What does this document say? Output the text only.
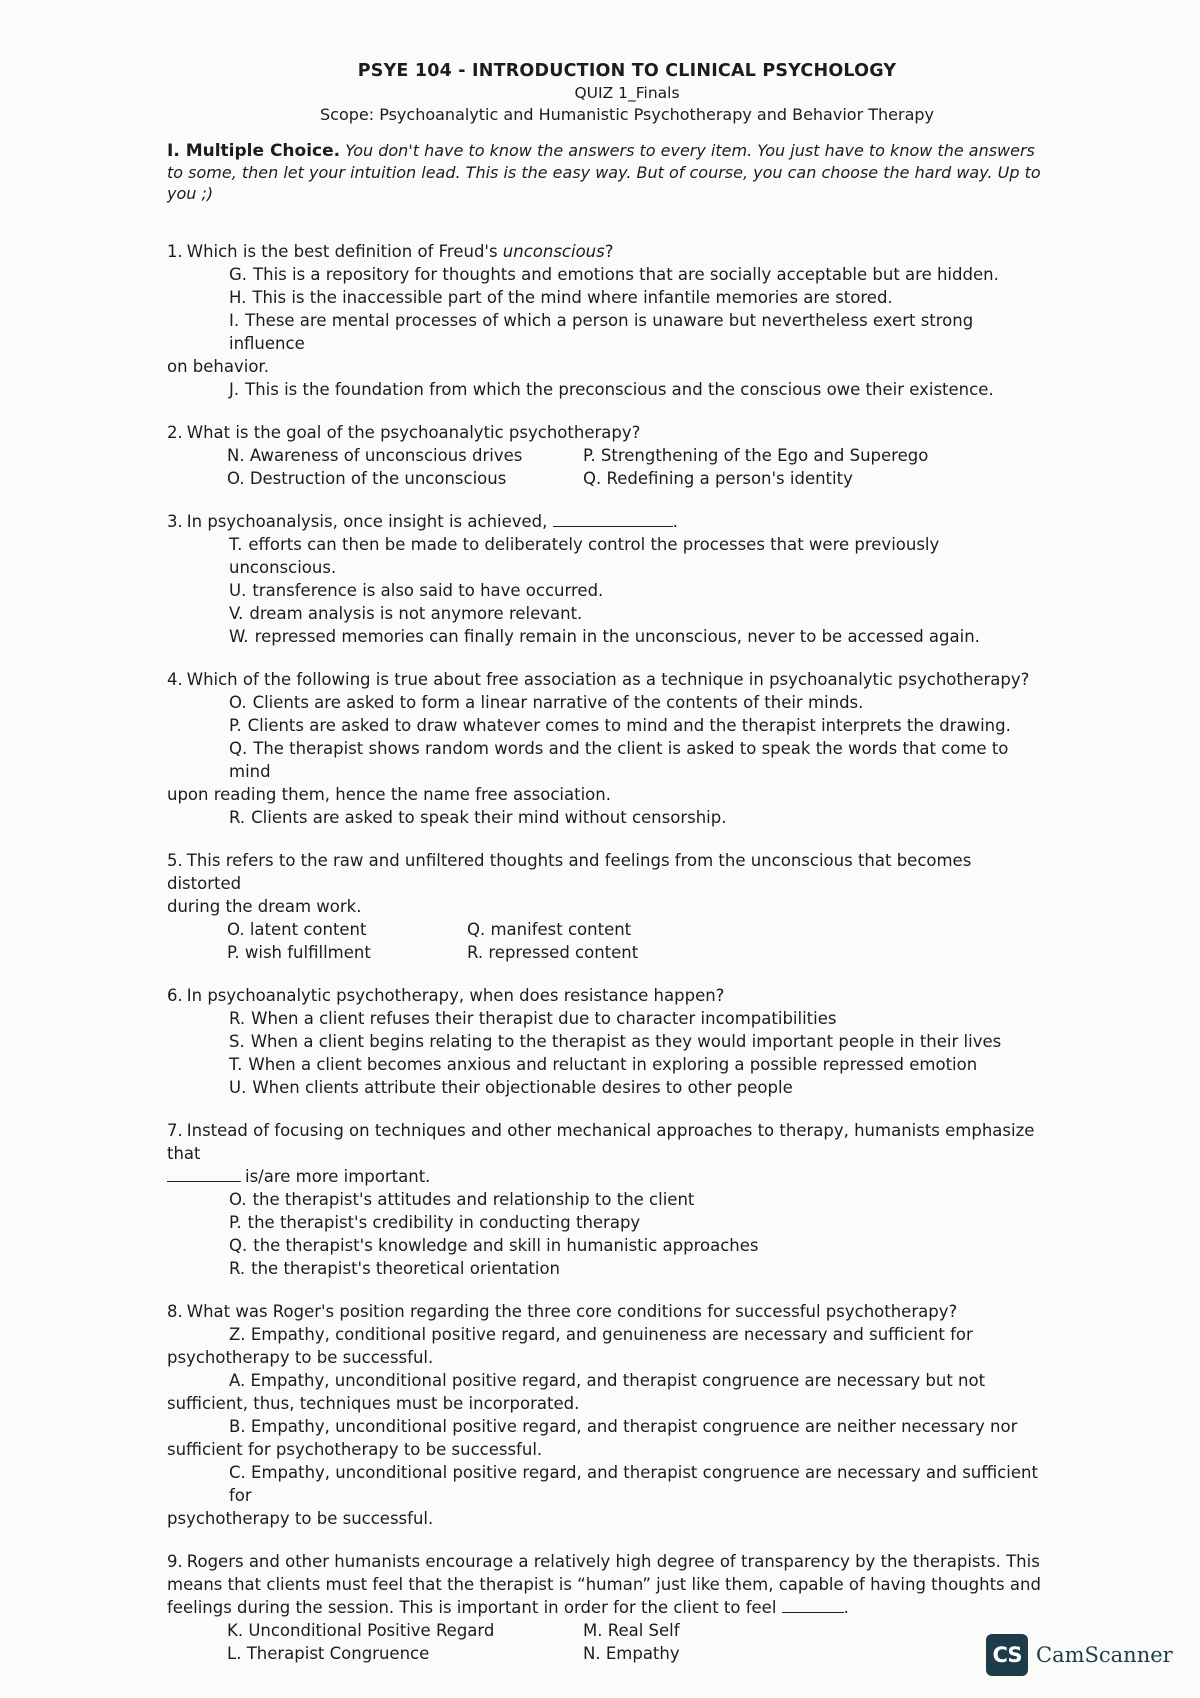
PSYE 104 - INTRODUCTION TO CLINICAL PSYCHOLOGY
QUIZ 1_Finals
Scope: Psychoanalytic and Humanistic Psychotherapy and Behavior Therapy
I. Multiple Choice. You don't have to know the answers to every item. You just have to know the answers to some, then let your intuition lead. This is the easy way. But of course, you can choose the hard way. Up to you ;)
1. Which is the best definition of Freud's unconscious?
G. This is a repository for thoughts and emotions that are socially acceptable but are hidden.
H. This is the inaccessible part of the mind where infantile memories are stored.
I. These are mental processes of which a person is unaware but nevertheless exert strong influence
on behavior.
J. This is the foundation from which the preconscious and the conscious owe their existence.
2. What is the goal of the psychoanalytic psychotherapy?
N. Awareness of unconscious drives	P. Strengthening of the Ego and Superego
O. Destruction of the unconscious	Q. Redefining a person's identity
3. In psychoanalysis, once insight is achieved,	.
T. efforts can then be made to deliberately control the processes that were previously unconscious.
U. transference is also said to have occurred.
V. dream analysis is not anymore relevant.
W. repressed memories can finally remain in the unconscious, never to be accessed again.
4. Which of the following is true about free association as a technique in psychoanalytic psychotherapy?
O. Clients are asked to form a linear narrative of the contents of their minds.
P. Clients are asked to draw whatever comes to mind and the therapist interprets the drawing.
Q. The therapist shows random words and the client is asked to speak the words that come to mind
upon reading them, hence the name free association.
R. Clients are asked to speak their mind without censorship.
5. This refers to the raw and unfiltered thoughts and feelings from the unconscious that becomes distorted
during the dream work.
O. latent content	Q. manifest content
P. wish fulfillment	R. repressed content
6. In psychoanalytic psychotherapy, when does resistance happen?
R. When a client refuses their therapist due to character incompatibilities
S. When a client begins relating to the therapist as they would important people in their lives
T. When a client becomes anxious and reluctant in exploring a possible repressed emotion
U. When clients attribute their objectionable desires to other people
7. Instead of focusing on techniques and other mechanical approaches to therapy, humanists emphasize that
is/are more important.
O. the therapist's attitudes and relationship to the client
P. the therapist's credibility in conducting therapy
Q. the therapist's knowledge and skill in humanistic approaches
R. the therapist's theoretical orientation
8. What was Roger's position regarding the three core conditions for successful psychotherapy?
Z. Empathy, conditional positive regard, and genuineness are necessary and sufficient for
psychotherapy to be successful.
A. Empathy, unconditional positive regard, and therapist congruence are necessary but not
sufficient, thus, techniques must be incorporated.
B. Empathy, unconditional positive regard, and therapist congruence are neither necessary nor
sufficient for psychotherapy to be successful.
C. Empathy, unconditional positive regard, and therapist congruence are necessary and sufficient for
psychotherapy to be successful.
9. Rogers and other humanists encourage a relatively high degree of transparency by the therapists. This means that clients must feel that the therapist is “human” just like them, capable of having thoughts and feelings during the session. This is important in order for the client to feel	.
K. Unconditional Positive Regard	M. Real Self
L. Therapist Congruence	N. Empathy	CS CamScanner
